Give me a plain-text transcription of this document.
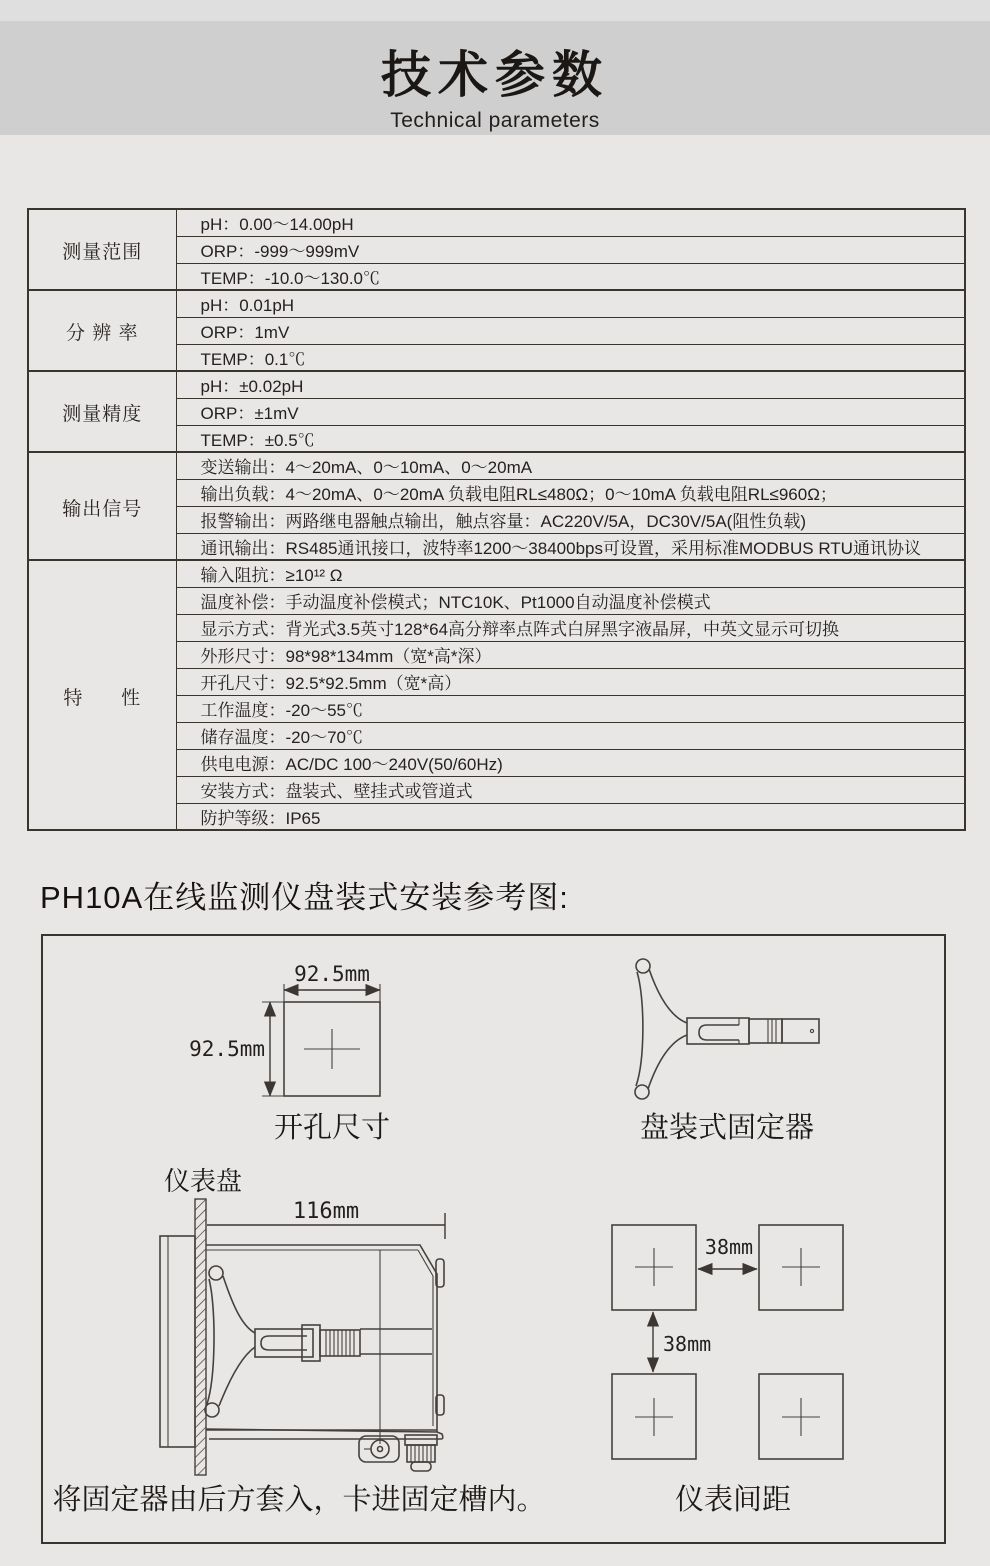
技术参数
Technical parameters
测量范围	pH：0.00～14.00pH
	ORP：-999～999mV
	TEMP：-10.0～130.0℃
分 辨 率	pH：0.01pH
	ORP：1mV
	TEMP：0.1℃
测量精度	pH：±0.02pH
	ORP：±1mV
	TEMP：±0.5℃
输出信号	变送输出：4～20mA、0～10mA、0～20mA
	输出负载：4～20mA、0～20mA 负载电阻RL≤480Ω；0～10mA 负载电阻RL≤960Ω；
	报警输出：两路继电器触点输出，触点容量：AC220V/5A，DC30V/5A(阻性负载)
	通讯输出：RS485通讯接口，波特率1200～38400bps可设置，采用标准MODBUS RTU通讯协议
特      性	输入阻抗：≥10¹² Ω
	温度补偿：手动温度补偿模式；NTC10K、Pt1000自动温度补偿模式
	显示方式：背光式3.5英寸128*64高分辩率点阵式白屏黑字液晶屏，中英文显示可切换
	外形尺寸：98*98*134mm（宽*高*深）
	开孔尺寸：92.5*92.5mm（宽*高）
	工作温度：-20～55℃
	储存温度：-20～70℃
	供电电源：AC/DC 100～240V(50/60Hz)
	安装方式：盘装式、壁挂式或管道式
	防护等级：IP65
PH10A在线监测仪盘装式安装参考图:
92.5mm
92.5mm
开孔尺寸	盘装式固定器
仪表盘
116mm
将固定器由后方套入，卡进固定槽内。
38mm
38mm
仪表间距
